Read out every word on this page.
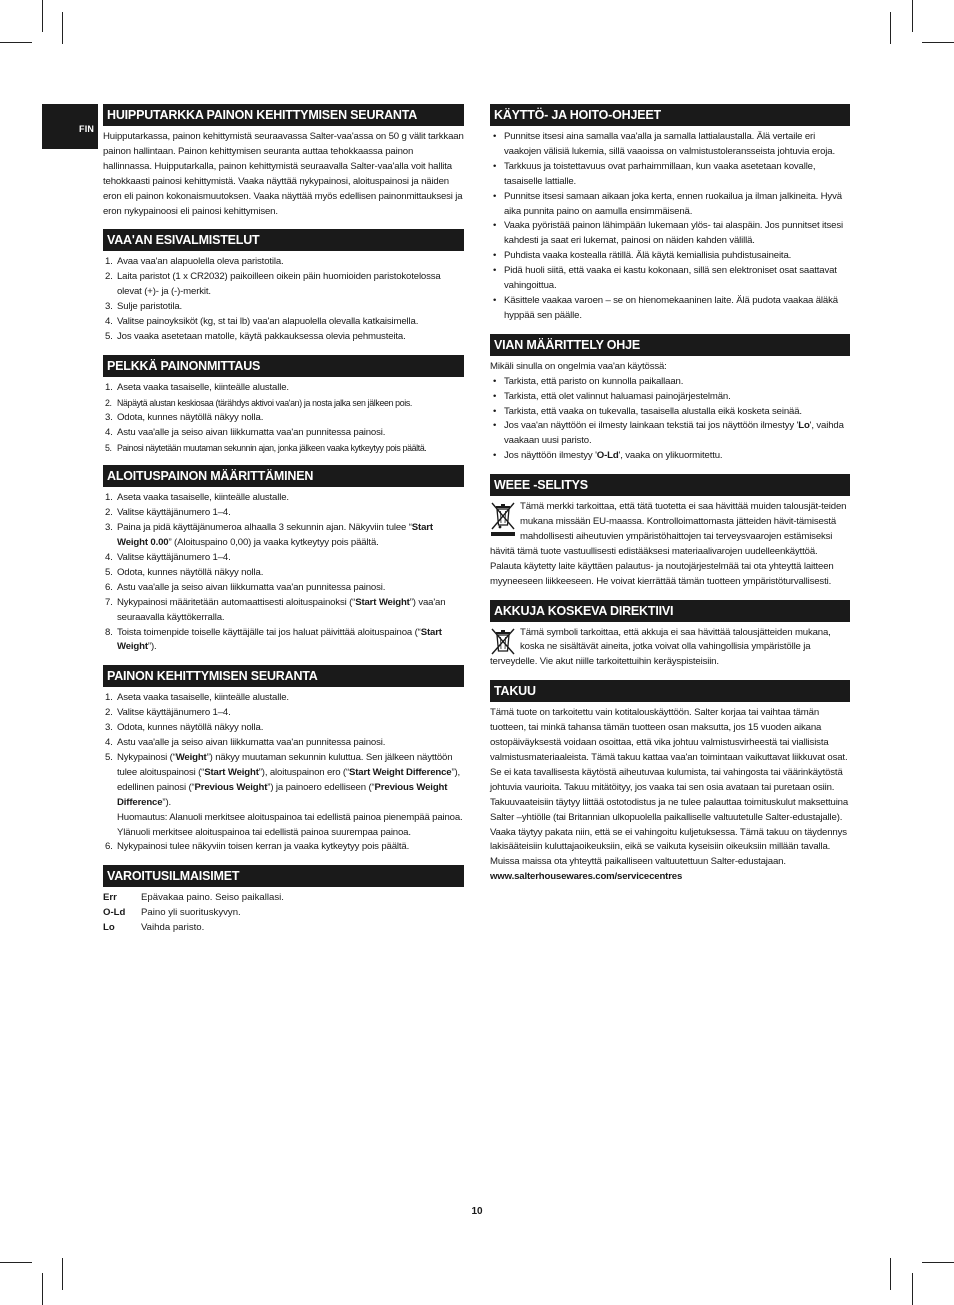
FIN
HUIPPUTARKKA PAINON KEHITTYMISEN SEURANTA

Huipputarkassa, painon kehittymistä seuraavassa Salter-vaa'assa on 50 g välit tarkkaan painon hallintaan. Painon kehittymisen seuranta auttaa tehokkaassa painon hallinnassa. Huipputarkalla, painon kehittymistä seuraavalla Salter-vaa'alla voit hallita tehokkaasti painosi kehittymistä. Vaaka näyttää nykypainosi, aloituspainosi ja näiden eron eli painon kokonaismuutoksen. Vaaka näyttää myös edellisen painonmittauksesi ja eron nykypainoosi eli painosi kehittymisen.

VAA'AN ESIVALMISTELUT
1. Avaa vaa'an alapuolella oleva paristotila.
2. Laita paristot (1 x CR2032) paikoilleen oikein päin huomioiden paristokotelossa olevat (+)- ja (-)-merkit.
3. Sulje paristotila.
4. Valitse painoyksiköt (kg, st tai lb) vaa'an alapuolella olevalla katkaisimella.
5. Jos vaaka asetetaan matolle, käytä pakkauksessa olevia pehmusteita.
PELKKÄ PAINONMITTAUS
1. Aseta vaaka tasaiselle, kiinteälle alustalle.
2. Näpäytä alustan keskiosaa (tärähdys aktivoi vaa'an) ja nosta jalka sen jälkeen pois.
3. Odota, kunnes näytöllä näkyy nolla.
4. Astu vaa'alle ja seiso aivan liikkumatta vaa'an punnitessa painosi.
5. Painosi näytetään muutaman sekunnin ajan, jonka jälkeen vaaka kytkeytyy pois päältä.
ALOITUSPAINON MÄÄRITTÄMINEN
1. Aseta vaaka tasaiselle, kiinteälle alustalle.
2. Valitse käyttäjänumero 1–4.
3. Paina ja pidä käyttäjänumeroa alhaalla 3 sekunnin ajan. Näkyviin tulee “Start Weight 0.00” (Aloituspaino 0,00) ja vaaka kytkeytyy pois päältä.
4. Valitse käyttäjänumero 1–4.
5. Odota, kunnes näytöllä näkyy nolla.
6. Astu vaa'alle ja seiso aivan liikkumatta vaa'an punnitessa painosi.
7. Nykypainosi määritetään automaattisesti aloituspainoksi (“Start Weight”) vaa'an seuraavalla käyttökerralla.
8. Toista toimenpide toiselle käyttäjälle tai jos haluat päivittää aloituspainoa (“Start Weight”).
PAINON KEHITTYMISEN SEURANTA
1. Aseta vaaka tasaiselle, kiinteälle alustalle.
2. Valitse käyttäjänumero 1–4.
3. Odota, kunnes näytöllä näkyy nolla.
4. Astu vaa'alle ja seiso aivan liikkumatta vaa'an punnitessa painosi.
5. Nykypainosi (“Weight”) näkyy muutaman sekunnin kuluttua. Sen jälkeen näyttöön tulee aloituspainosi (“Start Weight”), aloituspainon ero (“Start Weight Difference”), edellinen painosi (“Previous Weight”) ja painoero edelliseen (“Previous Weight Difference”).
Huomautus: Alanuoli merkitsee aloituspainoa tai edellistä painoa pienempää painoa. Ylänuoli merkitsee aloituspainoa tai edellistä painoa suurempaa painoa.
6. Nykypainosi tulee näkyviin toisen kerran ja vaaka kytkeytyy pois päältä.
VAROITUSILMAISIMET
Err	Epävakaa paino. Seiso paikallasi.
O-Ld	Paino yli suorituskyvyn.
Lo	Vaihda paristo.
KÄYTTÖ- JA HOITO-OHJEET
• Punnitse itsesi aina samalla vaa'alla ja samalla lattialaustalla. Älä vertaile eri vaakojen välisiä lukemia, sillä vaaoissa on valmistustoleransseista johtuvia eroja.
• Tarkkuus ja toistettavuus ovat parhaimmillaan, kun vaaka asetetaan kovalle, tasaiselle lattialle.
• Punnitse itsesi samaan aikaan joka kerta, ennen ruokailua ja ilman jalkineita. Hyvä aika punnita paino on aamulla ensimmäisenä.
• Vaaka pyöristää painon lähimpään lukemaan ylös- tai alaspäin. Jos punnitset itsesi kahdesti ja saat eri lukemat, painosi on näiden kahden välillä.
• Puhdista vaaka kostealla rätillä. Älä käytä kemiallisia puhdistusaineita.
• Pidä huoli siitä, että vaaka ei kastu kokonaan, sillä sen elektroniset osat saattavat vahingoittua.
• Käsittele vaakaa varoen – se on hienomekaaninen laite. Älä pudota vaakaa äläkä hyppää sen päälle.
VIAN MÄÄRITTELY OHJE

Mikäli sinulla on ongelmia vaa'an käytössä:

• Tarkista, että paristo on kunnolla paikallaan.
• Tarkista, että olet valinnut haluamasi painojärjestelmän.
• Tarkista, että vaaka on tukevalla, tasaisella alustalla eikä kosketa seinää.
• Jos vaa'an näyttöön ei ilmesty lainkaan tekstiä tai jos näyttöön ilmestyy 'Lo', vaihda vaakaan uusi paristo.
• Jos näyttöön ilmestyy 'O-Ld', vaaka on ylikuormitettu.
WEEE -SELITYS

Tämä merkki tarkoittaa, että tätä tuotetta ei saa hävittää muiden talousjät-teiden mukana missään EU-maassa. Kontrolloimattomasta jätteiden hävit-tämisestä mahdollisesti aiheutuvien ympäristöhaittojen tai terveysvaarojen estämiseksi hävitä tämä tuote vastuullisesti edistääksesi materiaalivarojen uudelleenkäyttöä. Palauta käytetty laite käyttäen palautus- ja noutojärjestelmää tai ota yhteyttä laitteen myyneeseen liikkeeseen. He voivat kierrättää tämän tuotteen ympäristöturvallisesti.

AKKUJA KOSKEVA DIREKTIIVI

Tämä symboli tarkoittaa, että akkuja ei saa hävittää talousjätteiden mukana, koska ne sisältävät aineita, jotka voivat olla vahingollisia ympäristölle ja terveydelle. Vie akut niille tarkoitettuihin keräyspisteisiin.

TAKUU

Tämä tuote on tarkoitettu vain kotitalouskäyttöön. Salter korjaa tai vaihtaa tämän tuotteen, tai minkä tahansa tämän tuotteen osan maksutta, jos 15 vuoden aikana ostopäiväyksestä voidaan osoittaa, että vika johtuu valmistusvirheestä tai viallisista valmistusmateriaaleista. Tämä takuu kattaa vaa'an toimintaan vaikuttavat liikkuvat osat. Se ei kata tavallisesta käytöstä aiheutuvaa kulumista, tai vahingosta tai väärinkäytöstä johtuvia vaurioita. Takuu mitätöityy, jos vaaka tai sen osia avataan tai puretaan osiin. Takuuvaateisiin täytyy liittää ostotodistus ja ne tulee palauttaa toimituskulut maksettuina Salter –yhtiölle (tai Britannian ulkopuolella paikalliselle valtuutetulle Salter-edustajalle). Vaaka täytyy pakata niin, että se ei vahingoitu kuljetuksessa. Tämä takuu on täydennys lakisääteisiin kuluttajaoikeuksiin, eikä se vaikuta kyseisiin oikeuksiin millään tavalla. Muissa maissa ota yhteyttä paikalliseen valtuutettuun Salter-edustajaan.

www.salterhousewares.com/servicecentres

10
